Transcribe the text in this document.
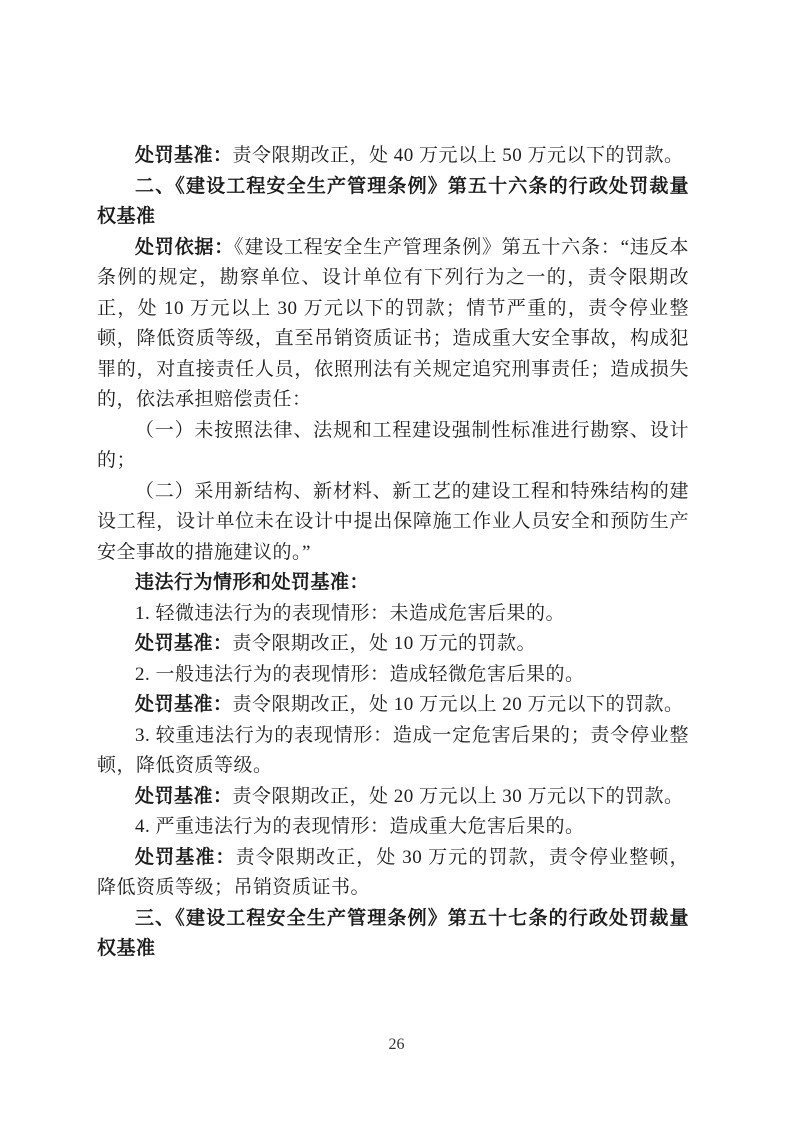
处罚基准：责令限期改正，处 40 万元以上 50 万元以下的罚款。

二、《建设工程安全生产管理条例》第五十六条的行政处罚裁量权基准

处罚依据：《建设工程安全生产管理条例》第五十六条：“违反本条例的规定，勘察单位、设计单位有下列行为之一的，责令限期改正，处 10 万元以上 30 万元以下的罚款；情节严重的，责令停业整顿，降低资质等级，直至吊销资质证书；造成重大安全事故，构成犯罪的，对直接责任人员，依照刑法有关规定追究刑事责任；造成损失的，依法承担赔偿责任：

（一）未按照法律、法规和工程建设强制性标准进行勘察、设计的；

（二）采用新结构、新材料、新工艺的建设工程和特殊结构的建设工程，设计单位未在设计中提出保障施工作业人员安全和预防生产安全事故的措施建议的。”

违法行为情形和处罚基准：

1. 轻微违法行为的表现情形：未造成危害后果的。

处罚基准：责令限期改正，处 10 万元的罚款。

2. 一般违法行为的表现情形：造成轻微危害后果的。

处罚基准：责令限期改正，处 10 万元以上 20 万元以下的罚款。

3. 较重违法行为的表现情形：造成一定危害后果的；责令停业整顿，降低资质等级。

处罚基准：责令限期改正，处 20 万元以上 30 万元以下的罚款。

4. 严重违法行为的表现情形：造成重大危害后果的。

处罚基准：责令限期改正，处 30 万元的罚款，责令停业整顿，降低资质等级；吊销资质证书。

三、《建设工程安全生产管理条例》第五十七条的行政处罚裁量权基准

26
